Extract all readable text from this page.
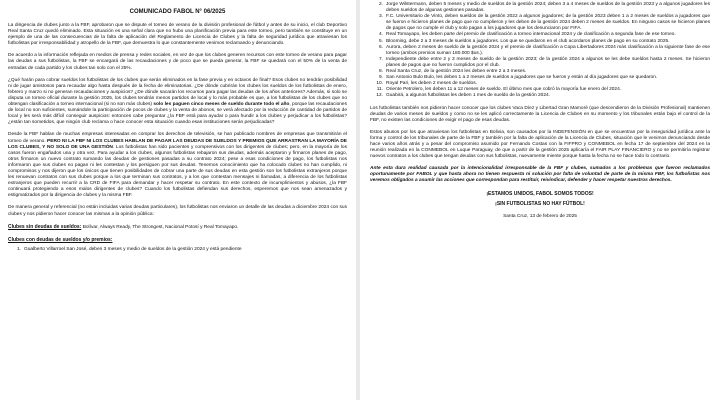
COMUNICADO FABOL N° 06/2025

La dirigencia de clubes junto a la FBF, aprobaron que se dispute el torneo de verano de la división profesional de fútbol y antes de su inicio, el club Deportivo Real Santa Cruz quedó eliminado. Esta situación es una señal clara que no hubo una planificación previa para este torneo, pero también se constituye en un ejemplo de una de las consecuencias de la falta de aplicación del Reglamento de Licencia de Clubes y la falta de seguridad jurídica que atraviesan los futbolistas por irresponsabilidad y atropello de la FBF, que demuestra lo que constantemente venimos reclamando y denunciando.

De acuerdo a la información reflejada en medios de prensa y redes sociales, en vez de que los clubes generen recursos con este torneo de verano para pagar las deudas a sus futbolistas, la FBF se encargará de las recaudaciones y de poco que se pueda generar, la FBF se quedará con el 50% de la venta de entradas de cada partido y los clubes tan solo con el 25%.

¿Qué harán para cobrar sueldos los futbolistas de los clubes que serán eliminados en la fase previa y en octavos de final? Esos clubes no tendrán posibilidad ni de jugar amistosos para recaudar algo hasta después de la fecha de eliminatorias. ¿De dónde cubrirán los clubes los sueldos de los futbolistas de enero, febrero y marzo si no generan recaudaciones y auspicios? ¿De dónde sacarán los recursos para pagar las deudas de los años anteriores? Además, si solo se disputa un torneo oficial durante la gestión 2025, los clubes tendrán menos partidos de local y lo más probable es que, a los futbolistas de los clubes que no obtengan clasificación a torneo internacional (si no son más clubes) solo les paguen cinco meses de sueldo durante todo el año, porque las recaudaciones de local no son suficientes, sumándole la participación de pocos de clubes y la venta de abonos, se verá afectado por la reducción de cantidad de partidos de local y les será más difícil conseguir auspicios: entonces cabe preguntar ¿la FBF está para ayudar o para hundir a los clubes y perjudicar a los futbolistas? ¿están tan sometidos, que ningún club reclama o hace conocer esta situación cuando esas instituciones serán perjudicadas?

Desde la FBF hablan de muchas empresas interesadas en comprar los derechos de televisión, se han publicado nombres de empresas que transmitirán el torneo de verano. PERO NI LA FBF NI LOS CLUBES HABLAN DE PAGAR LAS DEUDAS DE SUELDOS Y PREMIOS QUE ARRASTRAN LA MAYORÍA DE LOS CLUBES, Y NO SOLO DE UNA GESTIÓN. Los futbolistas han sido pacientes y comprensivos con los dirigentes de clubes; pero, en la mayoría de los casos fueron engañados una y otra vez. Para ayudar a los clubes, algunos futbolistas rebajaron sus deudas, además aceptaron y firmaron planes de pago, otros firmaron un nuevo contrato sumando las deudas de gestiones pasadas a su contrato 2024; pese a esas condiciones de pago, los futbolistas nos informaron que sus clubes no pagan ni les contestan y los persiguen por sus deudas. Tenemos conocimiento que ha colocado clubes no han cumplido, ni compromisos y nos dijeron que los únicos que tienen posibilidades de cobrar una parte de sus deudas en esta gestión son los futbolistas extranjeros porque les renuevan contratos con sus clubes porque a los que terminan sus contratos, y a los que contestan mensajes ni llamadas, a diferencia de los futbolistas extranjeros que pueden recurrir a la CRD de FIFA para demandar y hacer respetar su contrato. En este contexto de incumplimientos y abusos, ¿la FBF continuará protegiendo a esos malos dirigentes de clubes? Cuando los futbolistas defiendan sus derechos, esperemos que nos sean amenazados y estigmatizados por la dirigencia de clubes y la misma FBF.

De manera general y referencial (no están incluidas varias deudas particulares), los futbolistas nos enviaron un detalle de las deudas a diciembre 2024 con sus clubes y nos pidieron hacer conocer las mismas a la opinión pública:

Clubes sin deudas de sueldos: Bolívar, Always Ready, The Strongest, Nacional Potosí y Real Tomayapo.

Clubes con deudas de sueldos y/o premios:
1. Gualberto Villarroel San José, deben 3 meses y medio de sueldos de la gestión 2024 y está pendiente
2. Jorge Wilstermann, deben 5 meses y medio de sueldos de la gestión 2024; deben 3 a 4 meses de sueldos de la gestión 2023 y a algunos jugadores les deben sueldos de algunas gestiones pasadas.
3. F.C. Universitario de Vinto, deben sueldos de la gestión 2022 a algunos jugadores; de la gestión 2023 deben 1 a 2 meses de sueldos a jugadores que se fueron e hicieron planes de pago que no cumplieron y les deben de la gestión 2024 deben 2 meses de sueldos. En ninguno casos se hicieron planes de pagos que no cumple el club y solo pagan a los jugadores que los denunciaron por FIFA.
4. Real Tomayapo, les deben parte del premio de clasificación a torneo internacional 2024 y de clasificación a segunda fase de ese torneo.
5. Blooming, debe 2 a 3 meses de sueldos a jugadores. Los que se quedaron en el club acordaron planes de pago en su contrato 2025.
6. Aurora, deben 2 meses de sueldo de la gestión 2024 y el premio de clasificación a Copa Libertadores 2024 más clasificación a la siguiente fase de ese torneo (ambos premios suman 180.000 $us.).
7. Independiente debe entre 2 y 3 meses de sueldo de la gestión 2023; de la gestión 2024 a algunos se les debe sueldos hasta 2 meses. Se hicieron planes de pagos que no fueron cumplidos por el club.
8. Real Santa Cruz, de la gestión 2024 les deben entre 2 a 3 meses.
9. San Antonio Bulo Bulo, les deben 1 a 2 meses de sueldos a jugadores que se fueron y están al día jugadores que se quedaron.
10. Royal Pari, les deben 2 meses de sueldos.
11. Oriente Petrolero, les deben 11 a 12 meses de sueldo. El último mes que cobró la mayoría fue enero del 2024.
12. Guabirá, a algunos futbolistas les deben 1 mes de sueldo de la gestión 2024.

Los futbolistas también nos pidieron hacer conocer que los clubes Vaca Díez y Libertad Gran Mamoré (que descendieron de la División Profesional) mantienen deudas de varios meses de sueldos y como no se les aplicó correctamente la Licencia de Clubes en su momento y los tribunales están bajo el control de la FBF, no existen las condiciones de exigir el pago de esas deudas.

Estos abusos por los que atraviesan los futbolistas en Bolivia, son causados por la INDEFENSIÓN en que se encuentran por la inseguridad jurídica ante la forma y control de los tribunales de parte de la FBF y también por la falta de aplicación de la Licencia de Clubes, situación que le venimos denunciando desde hace varios años atrás y a pesar del compromiso asumido por Fernando Costas con la FIFPRO y CONMEBOL en fecha 17 de septiembre del 2024 en la reunión realizada en la CONMEBOL en Luque Paraguay, de que a partir de la gestión 2025 aplicaría el FAIR PLAY FINANCIERO y no se permitiría registrar nuevos contratos a los clubes que tengan deudas con sus futbolistas, nuevamente miente porque hasta la fecha no se hace todo lo contrario.

Ante esta dura realidad causada por la intencionalidad irresponsable de la FBF y clubes, sumados a los problemas que fueron reclamados oportunamente por FABOL y que hasta ahora no tienen respuesta ni solución por falta de voluntad de parte de la misma FBF, los futbolistas nos veremos obligados a asumir las acciones que correspondan para restituir, reivindicar, defender y hacer respetar nuestros derechos.

¡ESTAMOS UNIDOS, FABOL SOMOS TODOS!
¡SIN FUTBOLISTAS NO HAY FÚTBOL!
Santa Cruz, 13 de febrero de 2025
